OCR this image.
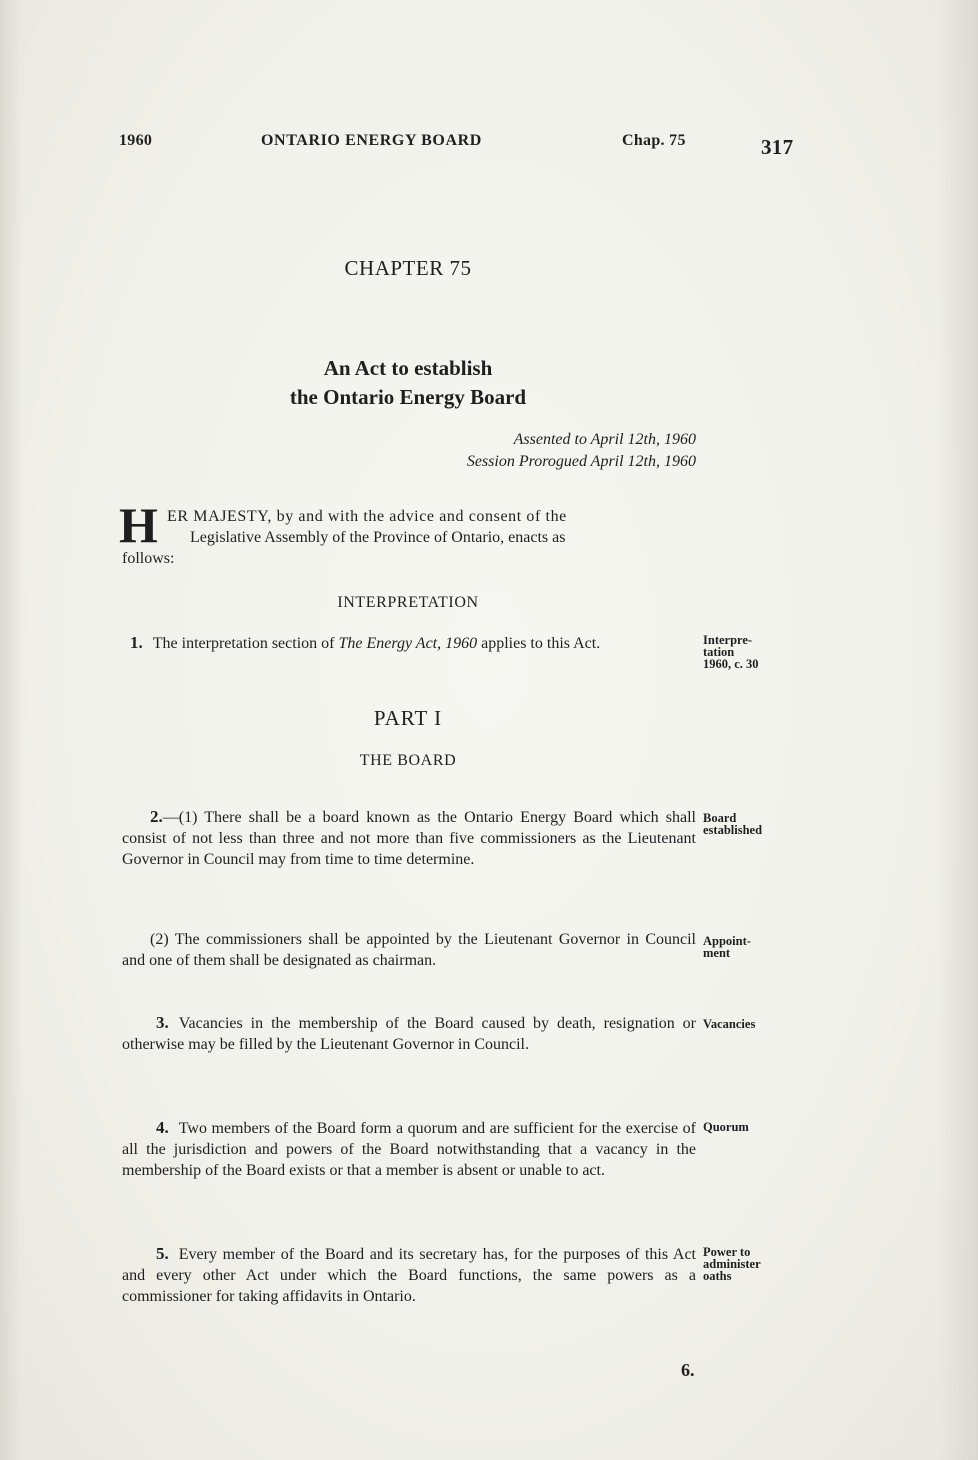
1960	ONTARIO ENERGY BOARD	Chap. 75	317
CHAPTER 75
An Act to establish
the Ontario Energy Board
Assented to April 12th, 1960
Session Prorogued April 12th, 1960
H ER MAJESTY, by and with the advice and consent of the
Legislative Assembly of the Province of Ontario, enacts as
follows:
INTERPRETATION

1. The interpretation section of The Energy Act, 1960 applies to this Act.	Interpre-
tation
1960, c. 30
PART I
THE BOARD

2.—(1) There shall be a board known as the Ontario Energy Board which shall consist of not less than three and not more than five commissioners as the Lieutenant Governor in Council may from time to time determine.

Board
established

(2) The commissioners shall be appointed by the Lieutenant Governor in Council and one of them shall be designated as chairman.

Appoint-
ment

3. Vacancies in the membership of the Board caused by death, resignation or otherwise may be filled by the Lieutenant Governor in Council.

Vacancies

4. Two members of the Board form a quorum and are sufficient for the exercise of all the jurisdiction and powers of the Board notwithstanding that a vacancy in the membership of the Board exists or that a member is absent or unable to act.

Quorum

5. Every member of the Board and its secretary has, for the purposes of this Act and every other Act under which the Board functions, the same powers as a commissioner for taking affidavits in Ontario.

Power to
administer
oaths
6.
